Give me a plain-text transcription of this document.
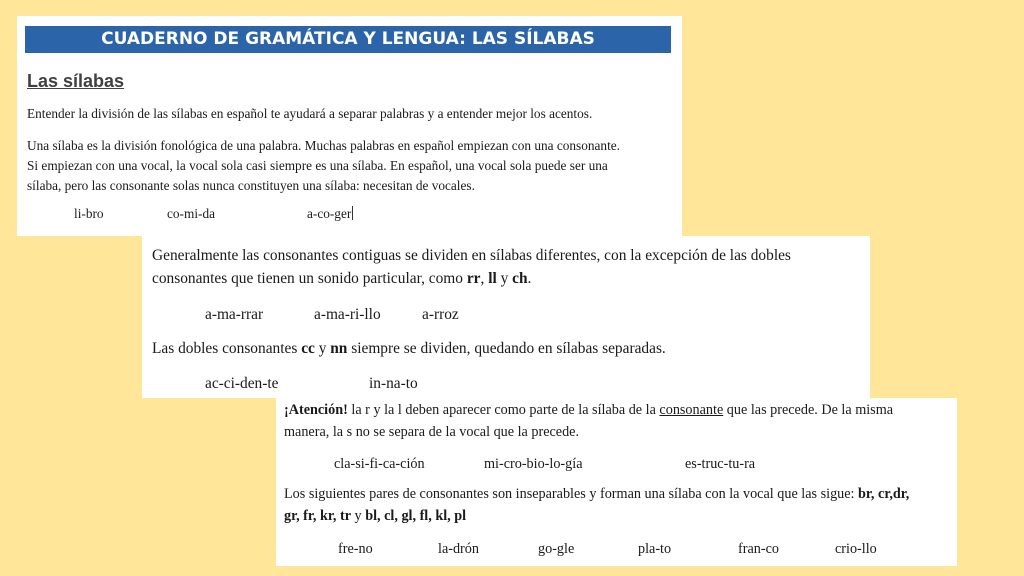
CUADERNO DE GRAMÁTICA Y LENGUA: LAS SÍLABAS
Las sílabas

Entender la división de las sílabas en español te ayudará a separar palabras y a entender mejor los acentos.

Una sílaba es la división fonológica de una palabra. Muchas palabras en español empiezan con una consonante.

Si empiezan con una vocal, la vocal sola casi siempre es una sílaba. En español, una vocal sola puede ser una

sílaba, pero las consonante solas nunca constituyen una sílaba: necesitan de vocales.

li-bro	co-mi-da	a-co-ger

Generalmente las consonantes contiguas se dividen en sílabas diferentes, con la excepción de las dobles

consonantes que tienen un sonido particular, como rr, ll y ch.

a-ma-rrar	a-ma-ri-llo	a-rroz

Las dobles consonantes cc y nn siempre se dividen, quedando en sílabas separadas.

ac-ci-den-te	in-na-to

¡Atención! la r y la l deben aparecer como parte de la sílaba de la consonante que las precede. De la misma

manera, la s no se separa de la vocal que la precede.

cla-si-fi-ca-ción	mi-cro-bio-lo-gía	es-truc-tu-ra

Los siguientes pares de consonantes son inseparables y forman una sílaba con la vocal que las sigue: br, cr,dr,

gr, fr, kr, tr y bl, cl, gl, fl, kl, pl

fre-no	la-drón	go-gle	pla-to	fran-co	crio-llo
